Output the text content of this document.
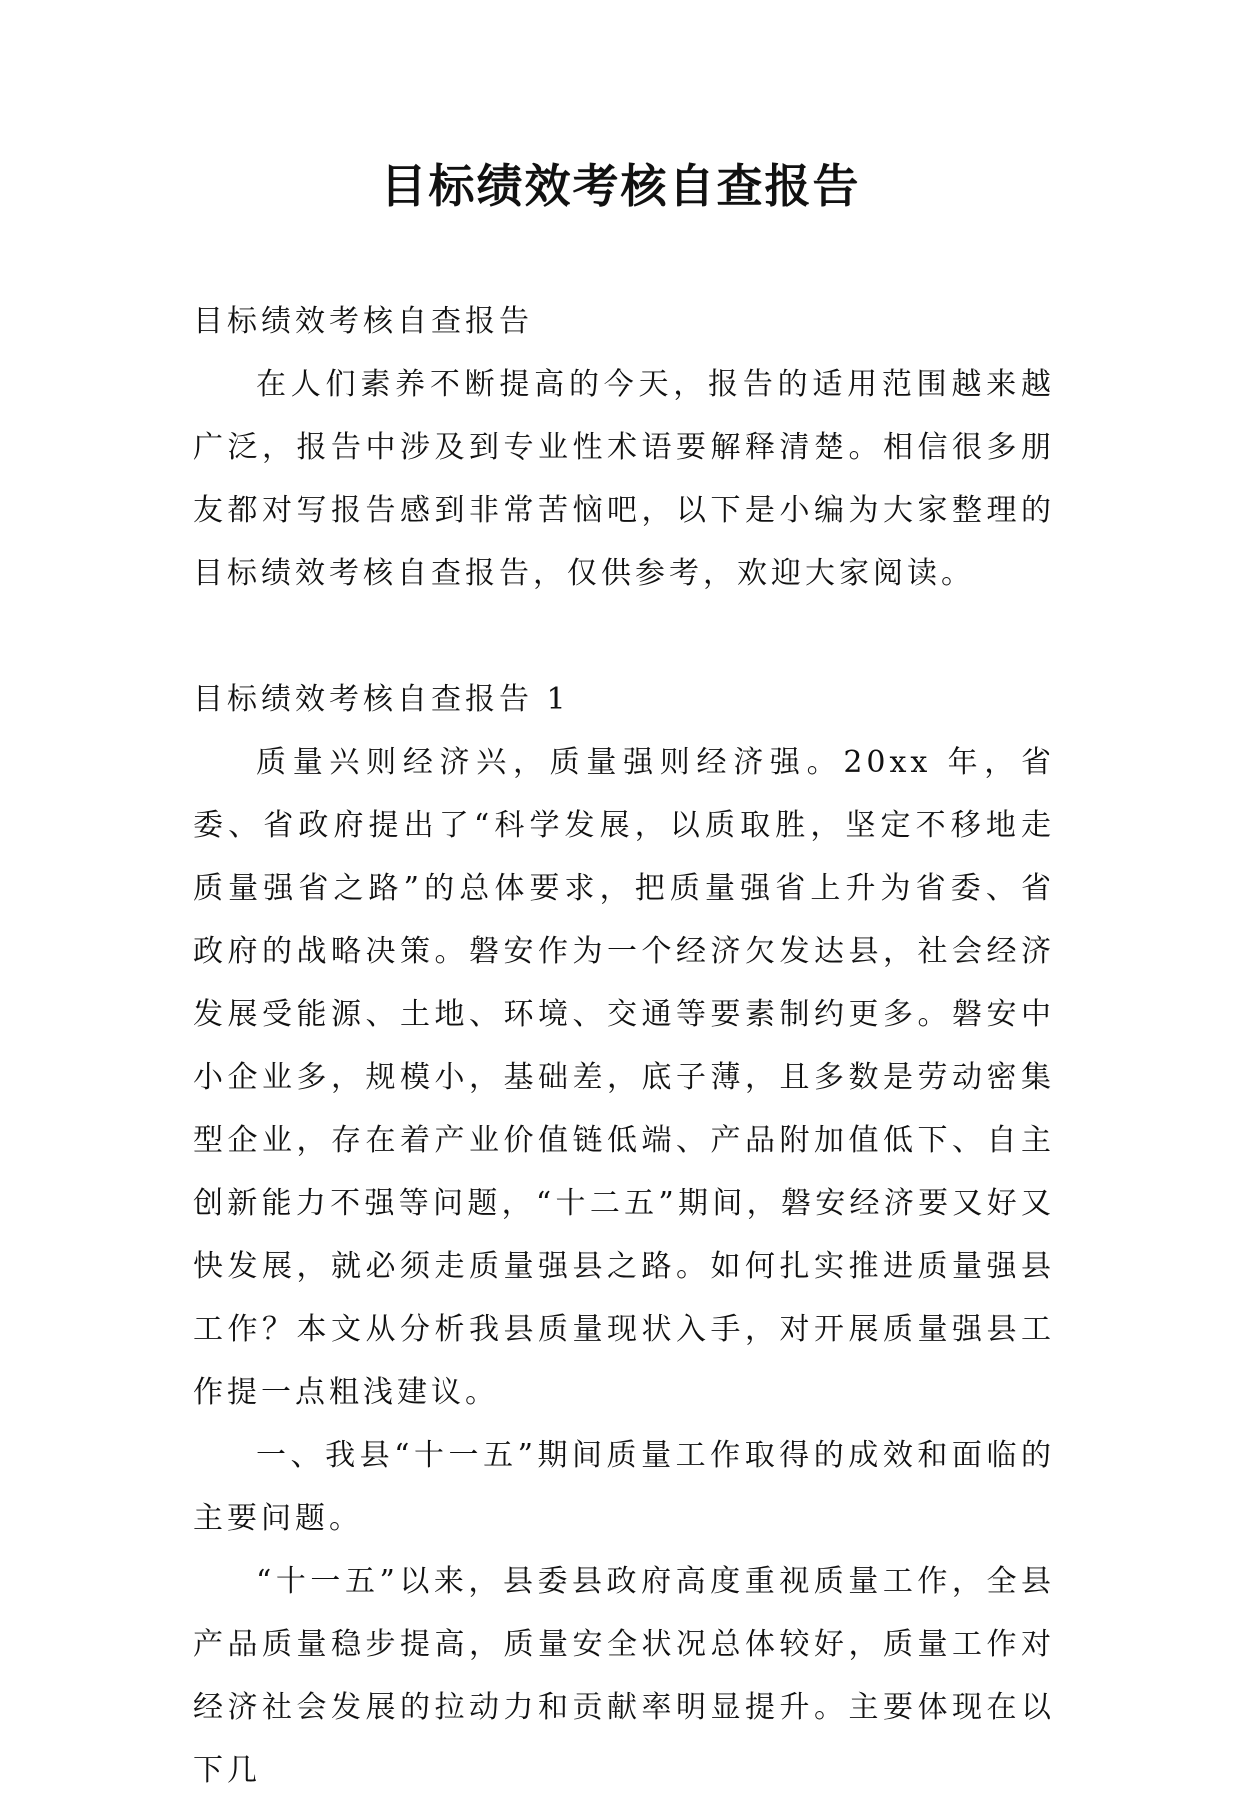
目标绩效考核自查报告

目标绩效考核自查报告

在人们素养不断提高的今天，报告的适用范围越来越广泛，报告中涉及到专业性术语要解释清楚。相信很多朋友都对写报告感到非常苦恼吧，以下是小编为大家整理的目标绩效考核自查报告，仅供参考，欢迎大家阅读。

目标绩效考核自查报告 1

质量兴则经济兴，质量强则经济强。20xx 年，省委、省政府提出了“科学发展，以质取胜，坚定不移地走质量强省之路”的总体要求，把质量强省上升为省委、省政府的战略决策。磐安作为一个经济欠发达县，社会经济发展受能源、土地、环境、交通等要素制约更多。磐安中小企业多，规模小，基础差，底子薄，且多数是劳动密集型企业，存在着产业价值链低端、产品附加值低下、自主创新能力不强等问题，“十二五”期间，磐安经济要又好又快发展，就必须走质量强县之路。如何扎实推进质量强县工作？本文从分析我县质量现状入手，对开展质量强县工作提一点粗浅建议。

一、我县“十一五”期间质量工作取得的成效和面临的主要问题。

“十一五”以来，县委县政府高度重视质量工作，全县产品质量稳步提高，质量安全状况总体较好，质量工作对经济社会发展的拉动力和贡献率明显提升。主要体现在以下几
